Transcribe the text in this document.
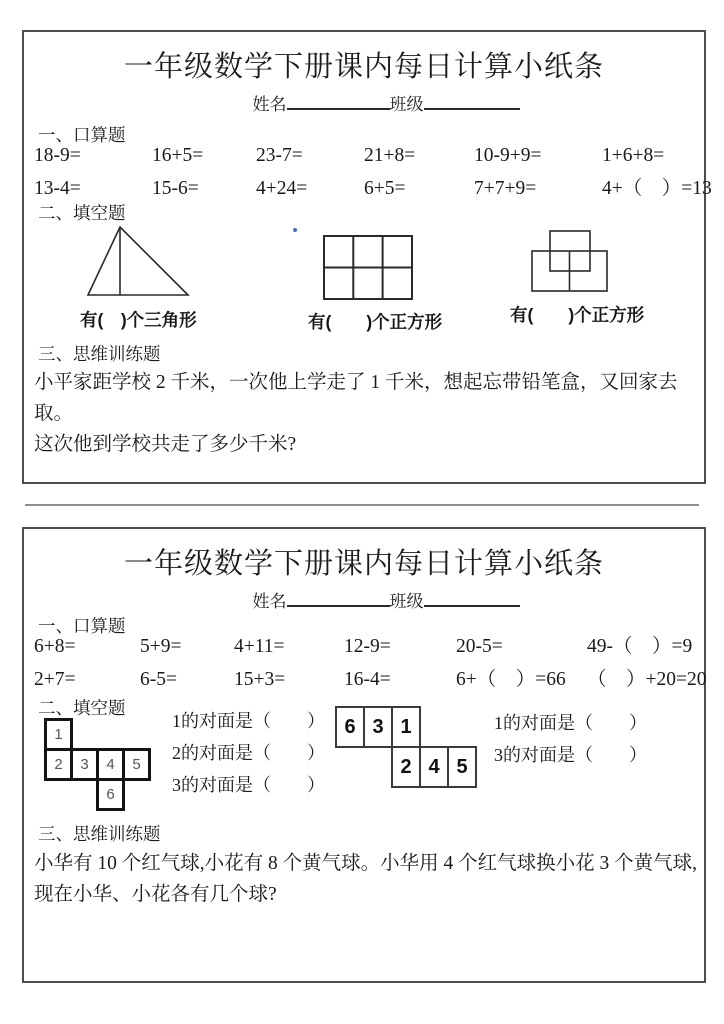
一年级数学下册课内每日计算小纸条
姓名	班级
一、口算题
18-9=	16+5=	23-7=	21+8=	10-9+9=	1+6+8=
13-4=	15-6=	4+24=	6+5=	7+7+9=	4+（　）=13
二、填空题
有(　)个三角形	有(　　)个正方形	有(　　)个正方形
三、思维训练题
小平家距学校 2 千米，一次他上学走了 1 千米，想起忘带铅笔盒，又回家去取。
这次他到学校共走了多少千米?
一年级数学下册课内每日计算小纸条
姓名	班级
一、口算题
6+8=	5+9=	4+11=	12-9=	20-5=	49-（　）=9
2+7=	6-5=	15+3=	16-4=	6+（　）=66	（　）+20=20
二、填空题
1
2	3	4	5
6
1的对面是（　　）
2的对面是（　　）
3的对面是（　　）
6 3 1
2 4 5
1的对面是（　　）
3的对面是（　　）
三、思维训练题
小华有 10 个红气球,小花有 8 个黄气球。小华用 4 个红气球换小花 3 个黄气球,
现在小华、小花各有几个球?
